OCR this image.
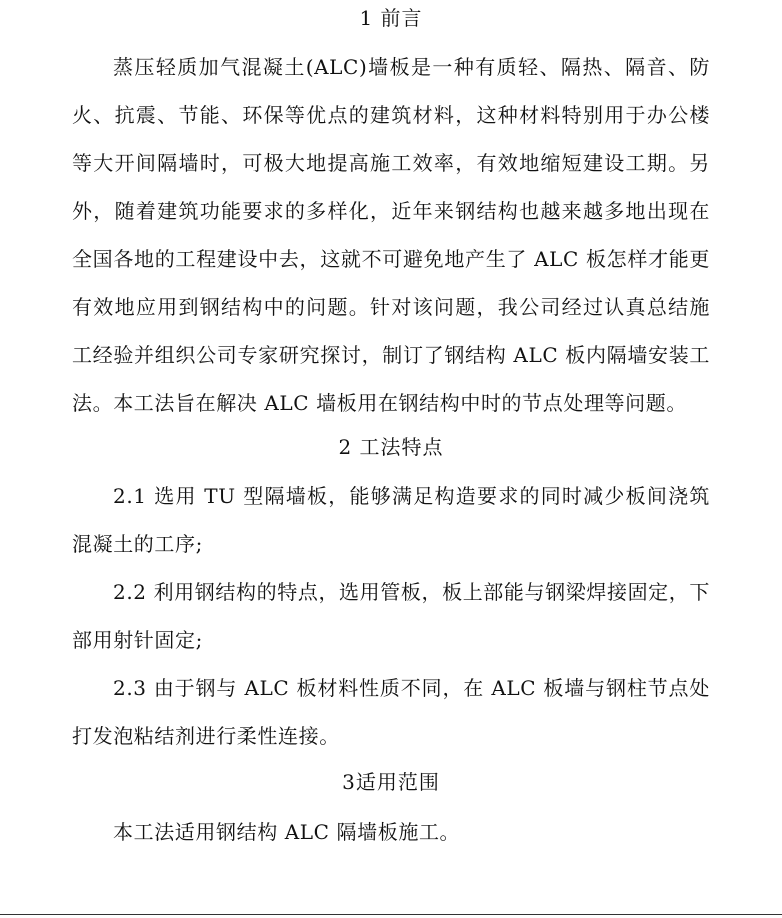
1 前言
蒸压轻质加气混凝土(ALC)墙板是一种有质轻、隔热、隔音、防火、抗震、节能、环保等优点的建筑材料，这种材料特别用于办公楼等大开间隔墙时，可极大地提高施工效率，有效地缩短建设工期。另外，随着建筑功能要求的多样化，近年来钢结构也越来越多地出现在全国各地的工程建设中去，这就不可避免地产生了 ALC 板怎样才能更有效地应用到钢结构中的问题。针对该问题，我公司经过认真总结施工经验并组织公司专家研究探讨，制订了钢结构 ALC 板内隔墙安装工法。本工法旨在解决 ALC 墙板用在钢结构中时的节点处理等问题。
2 工法特点
2.1 选用 TU 型隔墙板，能够满足构造要求的同时减少板间浇筑混凝土的工序;
2.2 利用钢结构的特点，选用管板，板上部能与钢梁焊接固定，下部用射针固定;
2.3 由于钢与 ALC 板材料性质不同，在 ALC 板墙与钢柱节点处打发泡粘结剂进行柔性连接。
3适用范围
本工法适用钢结构 ALC 隔墙板施工。
